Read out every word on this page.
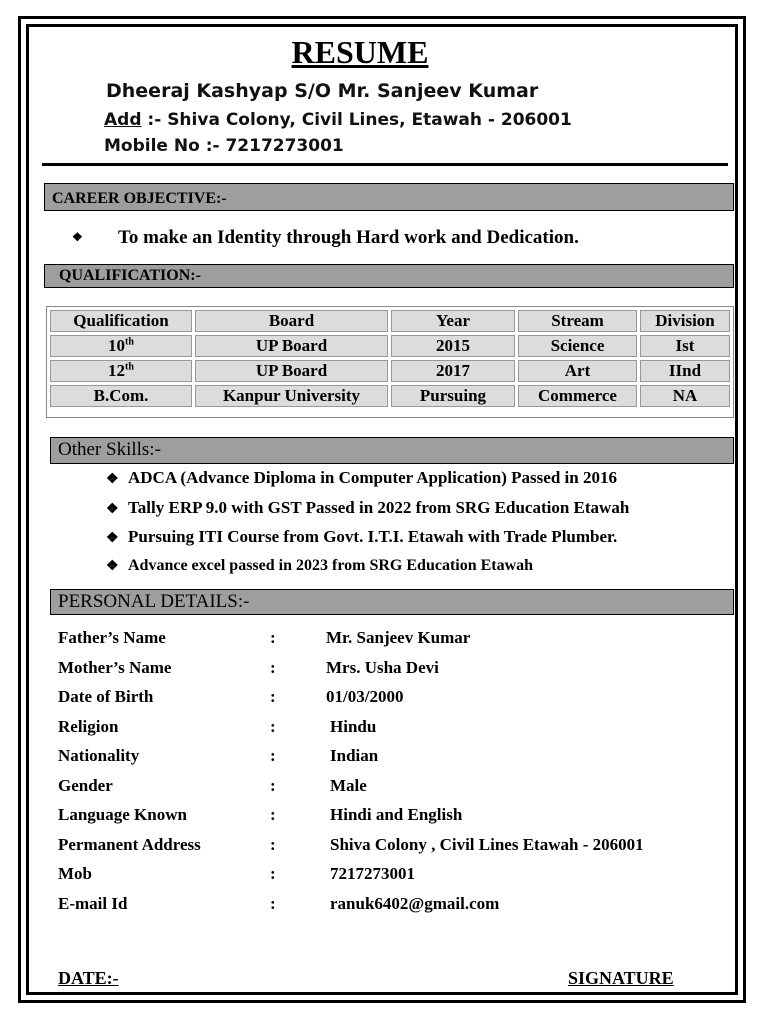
RESUME
Dheeraj Kashyap S/O Mr. Sanjeev Kumar
Add :- Shiva Colony, Civil Lines, Etawah - 206001
Mobile No :- 7217273001
CAREER OBJECTIVE:-
❖ To make an Identity through Hard work and Dedication.
QUALIFICATION:-
Qualification	Board	Year	Stream	Division
10th	UP Board	2015	Science	Ist
12th	UP Board	2017	Art	IInd
B.Com.	Kanpur University	Pursuing	Commerce	NA
Other Skills:-
❖ ADCA (Advance Diploma in Computer Application) Passed in 2016
❖ Tally ERP 9.0 with GST Passed in 2022 from SRG Education Etawah
❖ Pursuing ITI Course from Govt. I.T.I. Etawah with Trade Plumber.
❖ Advance excel passed in 2023 from SRG Education Etawah
PERSONAL DETAILS:-
Father’s Name	:	Mr. Sanjeev Kumar
Mother’s Name	:	Mrs. Usha Devi
Date of Birth	:	01/03/2000
Religion	:	Hindu
Nationality	:	Indian
Gender	:	Male
Language Known	:	Hindi and English
Permanent Address	:	Shiva Colony , Civil Lines Etawah - 206001
Mob	:	7217273001
E-mail Id	:	ranuk6402@gmail.com
DATE:-	SIGNATURE
